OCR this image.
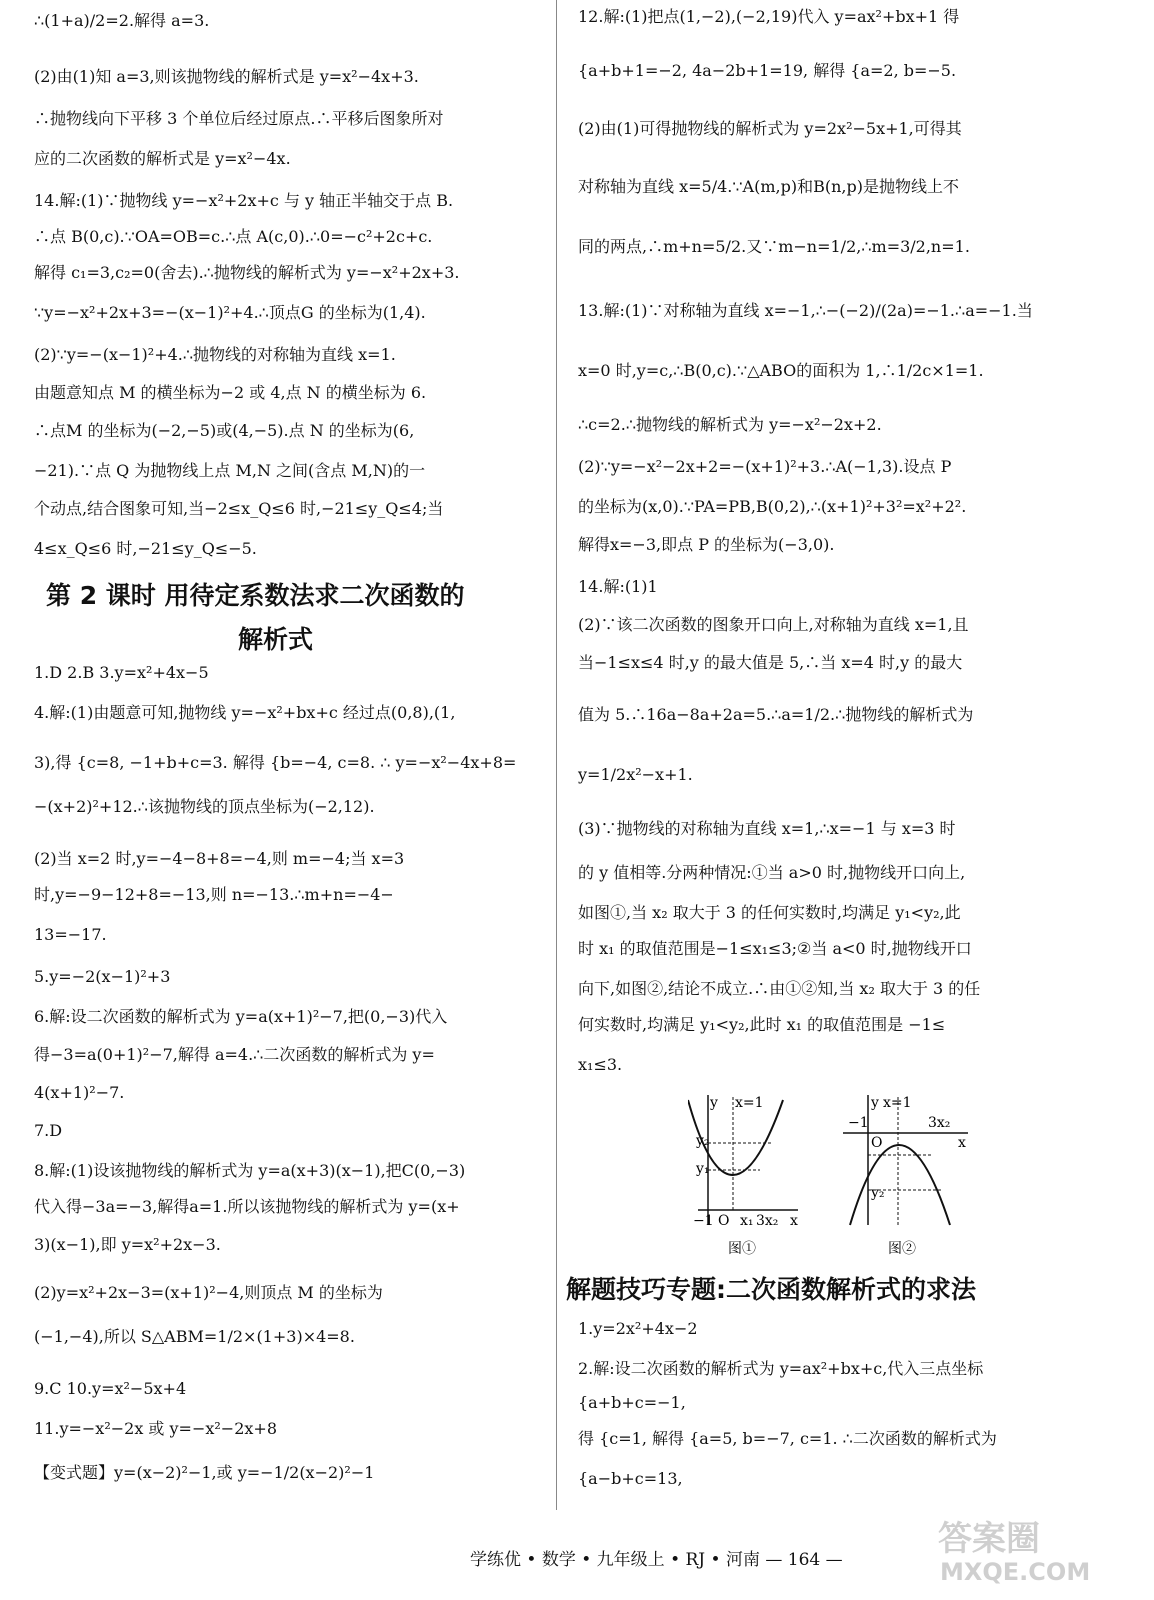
∴(1+a)/2=2.解得 a=3.
(2)由(1)知 a=3,则该抛物线的解析式是 y=x²−4x+3.
∴抛物线向下平移 3 个单位后经过原点.∴平移后图象所对
应的二次函数的解析式是 y=x²−4x.
14.解:(1)∵抛物线 y=−x²+2x+c 与 y 轴正半轴交于点 B.
∴点 B(0,c).∵OA=OB=c.∴点 A(c,0).∴0=−c²+2c+c.
解得 c₁=3,c₂=0(舍去).∴抛物线的解析式为 y=−x²+2x+3.
∵y=−x²+2x+3=−(x−1)²+4.∴顶点G 的坐标为(1,4).
(2)∵y=−(x−1)²+4.∴抛物线的对称轴为直线 x=1.
由题意知点 M 的横坐标为−2 或 4,点 N 的横坐标为 6.
∴点M 的坐标为(−2,−5)或(4,−5).点 N 的坐标为(6,
−21).∵点 Q 为抛物线上点 M,N 之间(含点 M,N)的一
个动点,结合图象可知,当−2≤x_Q≤6 时,−21≤y_Q≤4;当
4≤x_Q≤6 时,−21≤y_Q≤−5.
1.D 2.B 3.y=x²+4x−5
4.解:(1)由题意可知,抛物线 y=−x²+bx+c 经过点(0,8),(1,
3),得 {c=8, −1+b+c=3. 解得 {b=−4, c=8. ∴ y=−x²−4x+8=
−(x+2)²+12.∴该抛物线的顶点坐标为(−2,12).
(2)当 x=2 时,y=−4−8+8=−4,则 m=−4;当 x=3
时,y=−9−12+8=−13,则 n=−13.∴m+n=−4−
13=−17.
5.y=−2(x−1)²+3
6.解:设二次函数的解析式为 y=a(x+1)²−7,把(0,−3)代入
得−3=a(0+1)²−7,解得 a=4.∴二次函数的解析式为 y=
4(x+1)²−7.
7.D
8.解:(1)设该抛物线的解析式为 y=a(x+3)(x−1),把C(0,−3)
代入得−3a=−3,解得a=1.所以该抛物线的解析式为 y=(x+
3)(x−1),即 y=x²+2x−3.
(2)y=x²+2x−3=(x+1)²−4,则顶点 M 的坐标为
(−1,−4),所以 S△ABM=1/2×(1+3)×4=8.
9.C 10.y=x²−5x+4
11.y=−x²−2x 或 y=−x²−2x+8
【变式题】y=(x−2)²−1,或 y=−1/2(x−2)²−1
12.解:(1)把点(1,−2),(−2,19)代入 y=ax²+bx+1 得
{a+b+1=−2, 4a−2b+1=19, 解得 {a=2, b=−5.
(2)由(1)可得抛物线的解析式为 y=2x²−5x+1,可得其
对称轴为直线 x=5/4.∵A(m,p)和B(n,p)是抛物线上不
同的两点,∴m+n=5/2.又∵m−n=1/2,∴m=3/2,n=1.
13.解:(1)∵对称轴为直线 x=−1,∴−(−2)/(2a)=−1.∴a=−1.当
x=0 时,y=c,∴B(0,c).∵△ABO的面积为 1,∴1/2c×1=1.
∴c=2.∴抛物线的解析式为 y=−x²−2x+2.
(2)∵y=−x²−2x+2=−(x+1)²+3.∴A(−1,3).设点 P
的坐标为(x,0).∵PA=PB,B(0,2),∴(x+1)²+3²=x²+2².
解得x=−3,即点 P 的坐标为(−3,0).
14.解:(1)1
(2)∵该二次函数的图象开口向上,对称轴为直线 x=1,且
当−1≤x≤4 时,y 的最大值是 5,∴当 x=4 时,y 的最大
值为 5.∴16a−8a+2a=5.∴a=1/2.∴抛物线的解析式为
y=1/2x²−x+1.
(3)∵抛物线的对称轴为直线 x=1,∴x=−1 与 x=3 时
的 y 值相等.分两种情况:①当 a>0 时,抛物线开口向上,
如图①,当 x₂ 取大于 3 的任何实数时,均满足 y₁<y₂,此
时 x₁ 的取值范围是−1≤x₁≤3;②当 a<0 时,抛物线开口
向下,如图②,结论不成立.∴由①②知,当 x₂ 取大于 3 的任
何实数时,均满足 y₁<y₂,此时 x₁ 的取值范围是 −1≤
x₁≤3.
1.y=2x²+4x−2
2.解:设二次函数的解析式为 y=ax²+bx+c,代入三点坐标
{a+b+c=−1,
得 {c=1, 解得 {a=5, b=−7, c=1. ∴二次函数的解析式为
{a−b+c=13,
第 2 课时 用待定系数法求二次函数的
解析式
解题技巧专题:二次函数解析式的求法
y x=1
y₂
y₁
−1 O x₁ 3x₂ x
图①
y x=1
−1
O
3x₂
x
y₂
图②
学练优 • 数学 • 九年级上 • RJ • 河南 — 164 —
答案圈
MXQE.COM
